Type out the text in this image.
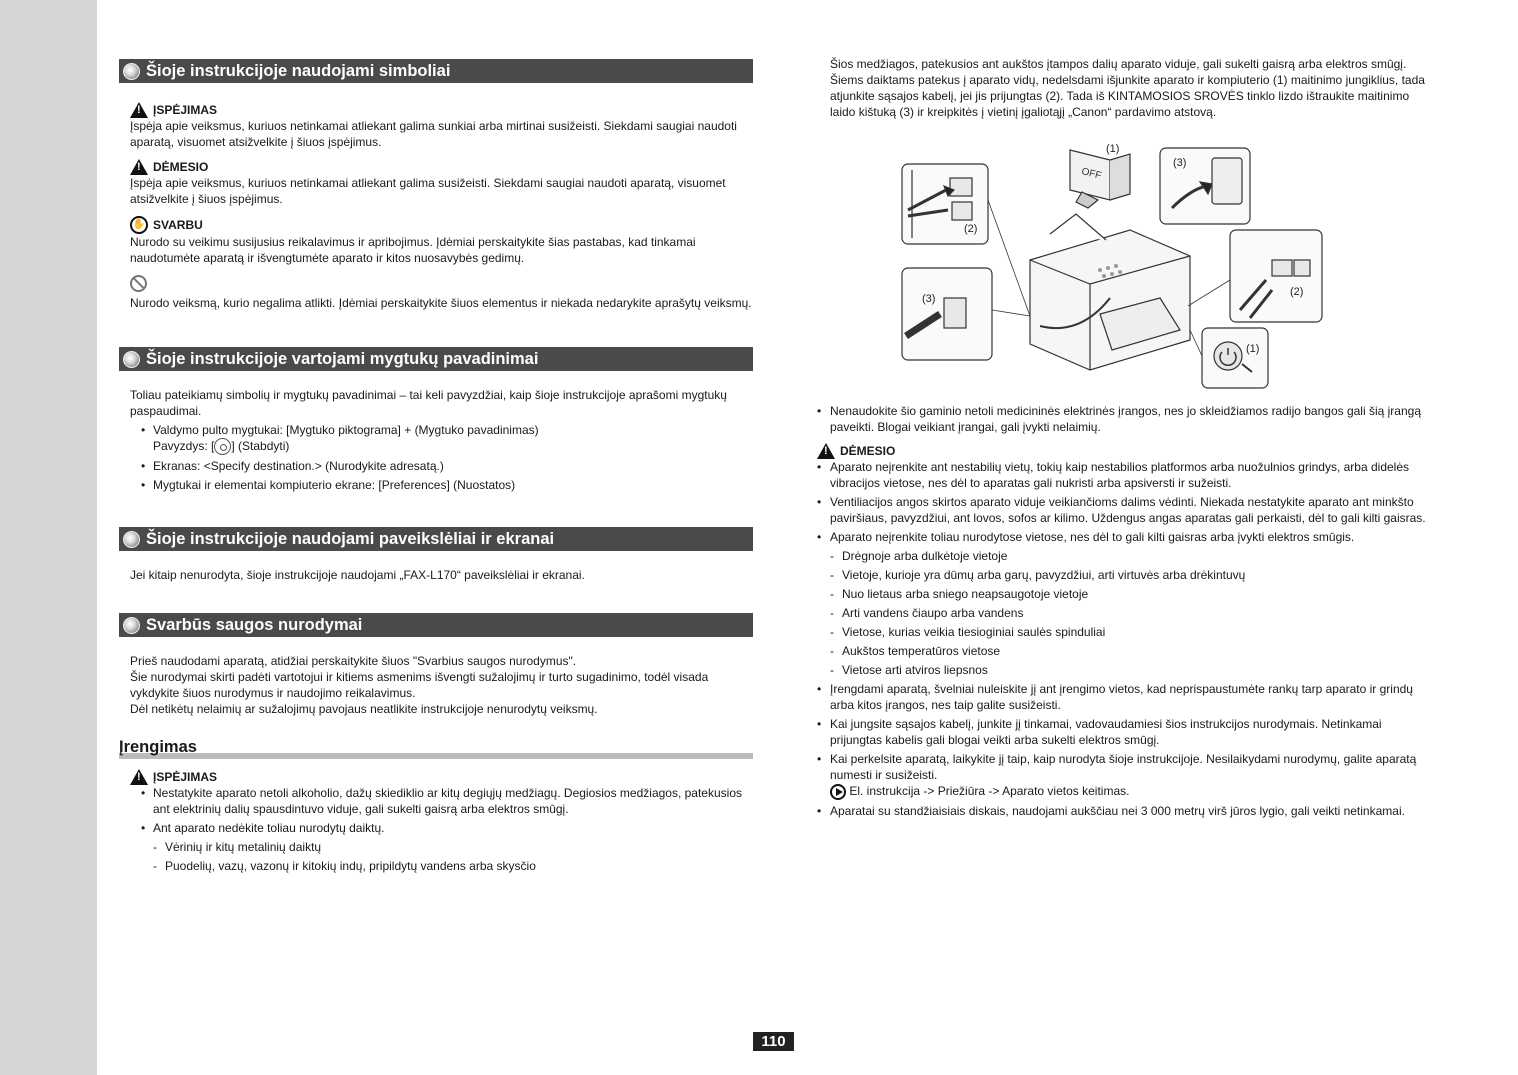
Šioje instrukcijoje naudojami simboliai
!
ĮSPĖJIMAS

Įspėja apie veiksmus, kuriuos netinkamai atliekant galima sunkiai arba mirtinai susižeisti. Siekdami saugiai naudoti aparatą, visuomet atsižvelkite į šiuos įspėjimus.

!
DĖMESIO

Įspėja apie veiksmus, kuriuos netinkamai atliekant galima susižeisti. Siekdami saugiai naudoti aparatą, visuomet atsižvelkite į šiuos įspėjimus.

✋ SVARBU

Nurodo su veikimu susijusius reikalavimus ir apribojimus. Įdėmiai perskaitykite šias pastabas, kad tinkamai naudotumėte aparatą ir išvengtumėte aparato ir kitos nuosavybės gedimų.

Nurodo veiksmą, kurio negalima atlikti. Įdėmiai perskaitykite šiuos elementus ir niekada nedarykite aprašytų veiksmų.

Šioje instrukcijoje vartojami mygtukų pavadinimai

Toliau pateikiamų simbolių ir mygtukų pavadinimai – tai keli pavyzdžiai, kaip šioje instrukcijoje aprašomi mygtukų paspaudimai.

• Valdymo pulto mygtukai: [Mygtuko piktograma] + (Mygtuko pavadinimas)
Pavyzdys: [ ] (Stabdyti)
• Ekranas: <Specify destination.> (Nurodykite adresatą.)
• Mygtukai ir elementai kompiuterio ekrane: [Preferences] (Nuostatos)
Šioje instrukcijoje naudojami paveikslėliai ir ekranai

Jei kitaip nenurodyta, šioje instrukcijoje naudojami „FAX-L170“ paveikslėliai ir ekranai.

Svarbūs saugos nurodymai

Prieš naudodami aparatą, atidžiai perskaitykite šiuos "Svarbius saugos nurodymus".

Šie nurodymai skirti padėti vartotojui ir kitiems asmenims išvengti sužalojimų ir turto sugadinimo, todėl visada vykdykite šiuos nurodymus ir naudojimo reikalavimus.

Dėl netikėtų nelaimių ar sužalojimų pavojaus neatlikite instrukcijoje nenurodytų veiksmų.

Įrengimas
!
ĮSPĖJIMAS
• Nestatykite aparato netoli alkoholio, dažų skiediklio ar kitų degiųjų medžiagų. Degiosios medžiagos, patekusios ant elektrinių dalių spausdintuvo viduje, gali sukelti gaisrą arba elektros smūgį.
• Ant aparato nedėkite toliau nurodytų daiktų.
- Vėrinių ir kitų metalinių daiktų
- Puodelių, vazų, vazonų ir kitokių indų, pripildytų vandens arba skysčio

Šios medžiagos, patekusios ant aukštos įtampos dalių aparato viduje, gali sukelti gaisrą arba elektros smūgį. Šiems daiktams patekus į aparato vidų, nedelsdami išjunkite aparato ir kompiuterio (1) maitinimo jungiklius, tada atjunkite sąsajos kabelį, jei jis prijungtas (2). Tada iš KINTAMOSIOS SROVĖS tinklo lizdo ištraukite maitinimo laido kištuką (3) ir kreipkitės į vietinį įgaliotąjį „Canon“ pardavimo atstovą.

(1)
OFF
(3)
(2)
(3)
(2)
(1)
• Nenaudokite šio gaminio netoli medicininės elektrinės įrangos, nes jo skleidžiamos radijo bangos gali šią įrangą paveikti. Blogai veikiant įrangai, gali įvykti nelaimių.
!
DĖMESIO
• Aparato neįrenkite ant nestabilių vietų, tokių kaip nestabilios platformos arba nuožulnios grindys, arba didelės vibracijos vietose, nes dėl to aparatas gali nukristi arba apsiversti ir sužeisti.
• Ventiliacijos angos skirtos aparato viduje veikiančioms dalims vėdinti. Niekada nestatykite aparato ant minkšto paviršiaus, pavyzdžiui, ant lovos, sofos ar kilimo. Uždengus angas aparatas gali perkaisti, dėl to gali kilti gaisras.
• Aparato neįrenkite toliau nurodytose vietose, nes dėl to gali kilti gaisras arba įvykti elektros smūgis.
- Drėgnoje arba dulkėtoje vietoje
- Vietoje, kurioje yra dūmų arba garų, pavyzdžiui, arti virtuvės arba drėkintuvų
- Nuo lietaus arba sniego neapsaugotoje vietoje
- Arti vandens čiaupo arba vandens
- Vietose, kurias veikia tiesioginiai saulės spinduliai
- Aukštos temperatūros vietose
- Vietose arti atviros liepsnos
• Įrengdami aparatą, švelniai nuleiskite jį ant įrengimo vietos, kad neprispaustumėte rankų tarp aparato ir grindų arba kitos įrangos, nes taip galite susižeisti.
• Kai jungsite sąsajos kabelį, junkite jį tinkamai, vadovaudamiesi šios instrukcijos nurodymais. Netinkamai prijungtas kabelis gali blogai veikti arba sukelti elektros smūgį.
• Kai perkelsite aparatą, laikykite jį taip, kaip nurodyta šioje instrukcijoje. Nesilaikydami nurodymų, galite aparatą numesti ir susižeisti.
El. instrukcija -> Priežiūra -> Aparato vietos keitimas.
• Aparatai su standžiaisiais diskais, naudojami aukščiau nei 3 000 metrų virš jūros lygio, gali veikti netinkamai.
110
